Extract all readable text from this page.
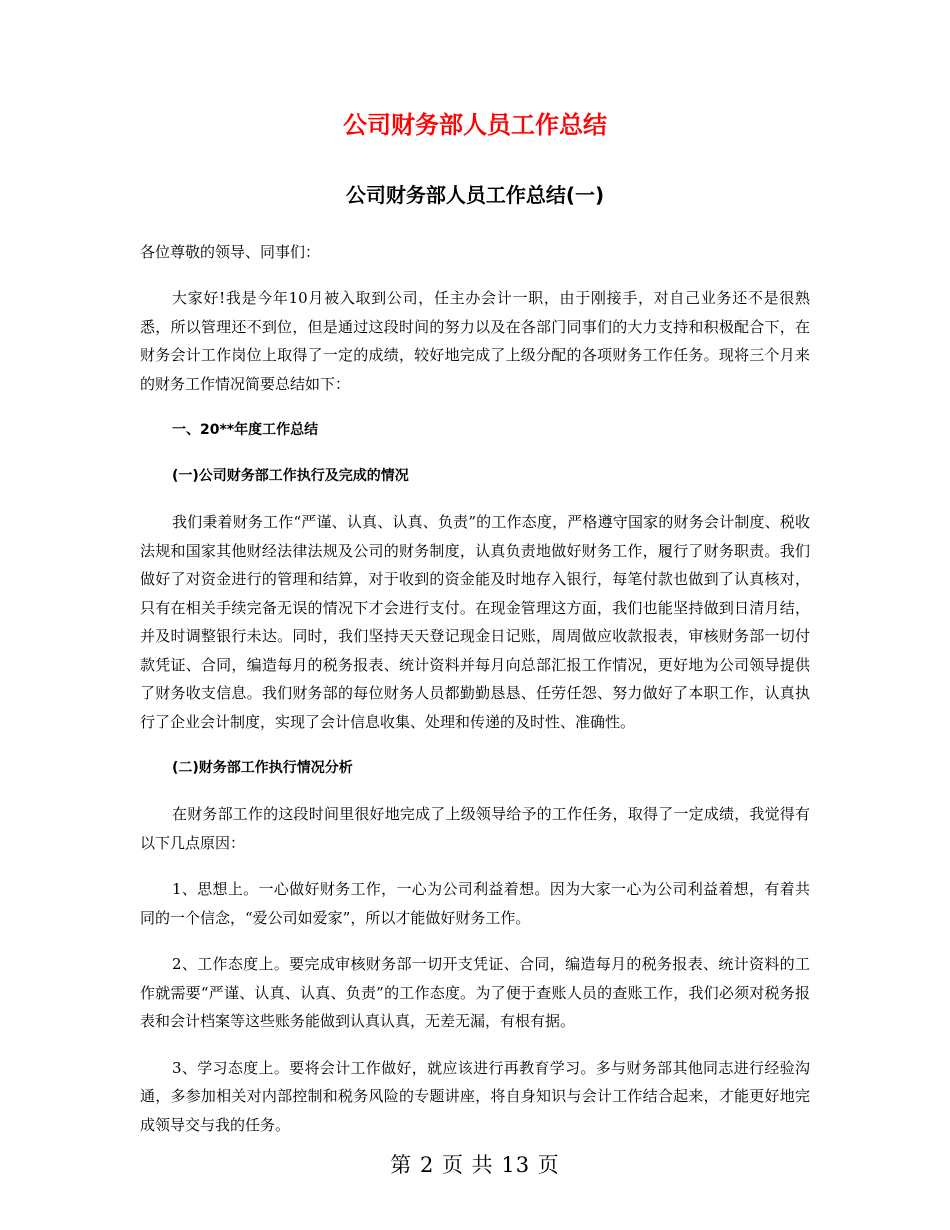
公司财务部人员工作总结
公司财务部人员工作总结(一)

各位尊敬的领导、同事们：

大家好!我是今年10月被入取到公司，任主办会计一职，由于刚接手，对自己业务还不是很熟悉，所以管理还不到位，但是通过这段时间的努力以及在各部门同事们的大力支持和积极配合下，在财务会计工作岗位上取得了一定的成绩，较好地完成了上级分配的各项财务工作任务。现将三个月来的财务工作情况简要总结如下：

一、20**年度工作总结

(一)公司财务部工作执行及完成的情况

我们秉着财务工作“严谨、认真、认真、负责”的工作态度，严格遵守国家的财务会计制度、税收法规和国家其他财经法律法规及公司的财务制度，认真负责地做好财务工作，履行了财务职责。我们做好了对资金进行的管理和结算，对于收到的资金能及时地存入银行，每笔付款也做到了认真核对，只有在相关手续完备无误的情况下才会进行支付。在现金管理这方面，我们也能坚持做到日清月结，并及时调整银行未达。同时，我们坚持天天登记现金日记账，周周做应收款报表，审核财务部一切付款凭证、合同，编造每月的税务报表、统计资料并每月向总部汇报工作情况，更好地为公司领导提供了财务收支信息。我们财务部的每位财务人员都勤勤恳恳、任劳任怨、努力做好了本职工作，认真执行了企业会计制度，实现了会计信息收集、处理和传递的及时性、准确性。

(二)财务部工作执行情况分析

在财务部工作的这段时间里很好地完成了上级领导给予的工作任务，取得了一定成绩，我觉得有以下几点原因：

1、思想上。一心做好财务工作，一心为公司利益着想。因为大家一心为公司利益着想，有着共同的一个信念，“爱公司如爱家”，所以才能做好财务工作。

2、工作态度上。要完成审核财务部一切开支凭证、合同，编造每月的税务报表、统计资料的工作就需要“严谨、认真、认真、负责”的工作态度。为了便于查账人员的查账工作，我们必须对税务报表和会计档案等这些账务能做到认真认真，无差无漏，有根有据。

3、学习态度上。要将会计工作做好，就应该进行再教育学习。多与财务部其他同志进行经验沟通，多参加相关对内部控制和税务风险的专题讲座，将自身知识与会计工作结合起来，才能更好地完成领导交与我的任务。

第 2 页 共 13 页
